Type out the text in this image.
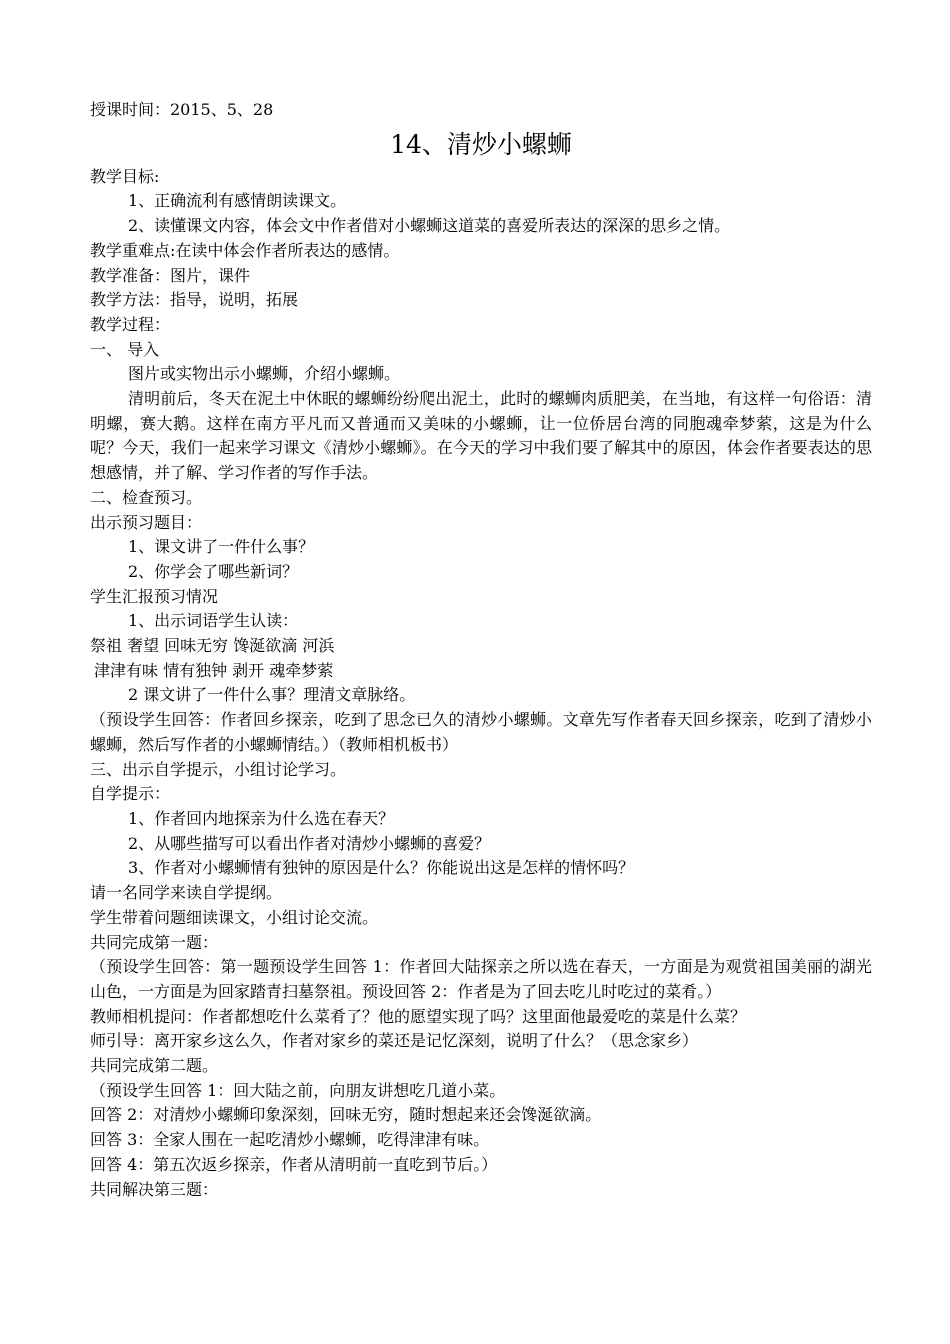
授课时间：2015、5、28
14、清炒小螺蛳
教学目标:
1、正确流利有感情朗读课文。
2、读懂课文内容，体会文中作者借对小螺蛳这道菜的喜爱所表达的深深的思乡之情。
教学重难点:在读中体会作者所表达的感情。
教学准备：图片，课件
教学方法：指导，说明，拓展
教学过程：
一、 导入
图片或实物出示小螺蛳，介绍小螺蛳。
清明前后，冬天在泥土中休眠的螺蛳纷纷爬出泥土，此时的螺蛳肉质肥美，在当地，有这样一句俗语：清明螺，赛大鹅。这样在南方平凡而又普通而又美味的小螺蛳，让一位侨居台湾的同胞魂牵梦萦，这是为什么呢？今天，我们一起来学习课文《清炒小螺蛳》。在今天的学习中我们要了解其中的原因，体会作者要表达的思想感情，并了解、学习作者的写作手法。
二、检查预习。
出示预习题目：
1、课文讲了一件什么事？
2、你学会了哪些新词？
学生汇报预习情况
1、出示词语学生认读：
祭祖 奢望 回味无穷 馋涎欲滴 河浜
津津有味 情有独钟 剥开 魂牵梦萦
2 课文讲了一件什么事？理清文章脉络。
（预设学生回答：作者回乡探亲，吃到了思念已久的清炒小螺蛳。文章先写作者春天回乡探亲，吃到了清炒小螺蛳，然后写作者的小螺蛳情结。）（教师相机板书）
三、出示自学提示，小组讨论学习。
自学提示：
1、作者回内地探亲为什么选在春天？
2、从哪些描写可以看出作者对清炒小螺蛳的喜爱？
3、作者对小螺蛳情有独钟的原因是什么？你能说出这是怎样的情怀吗？
请一名同学来读自学提纲。
学生带着问题细读课文，小组讨论交流。
共同完成第一题：
（预设学生回答：第一题预设学生回答 1：作者回大陆探亲之所以选在春天，一方面是为观赏祖国美丽的湖光山色，一方面是为回家踏青扫墓祭祖。预设回答 2：作者是为了回去吃儿时吃过的菜肴。）
教师相机提问：作者都想吃什么菜肴了？他的愿望实现了吗？这里面他最爱吃的菜是什么菜？
师引导：离开家乡这么久，作者对家乡的菜还是记忆深刻，说明了什么？（思念家乡）
共同完成第二题。
（预设学生回答 1：回大陆之前，向朋友讲想吃几道小菜。
回答 2：对清炒小螺蛳印象深刻，回味无穷，随时想起来还会馋涎欲滴。
回答 3：全家人围在一起吃清炒小螺蛳，吃得津津有味。
回答 4：第五次返乡探亲，作者从清明前一直吃到节后。）
共同解决第三题：
